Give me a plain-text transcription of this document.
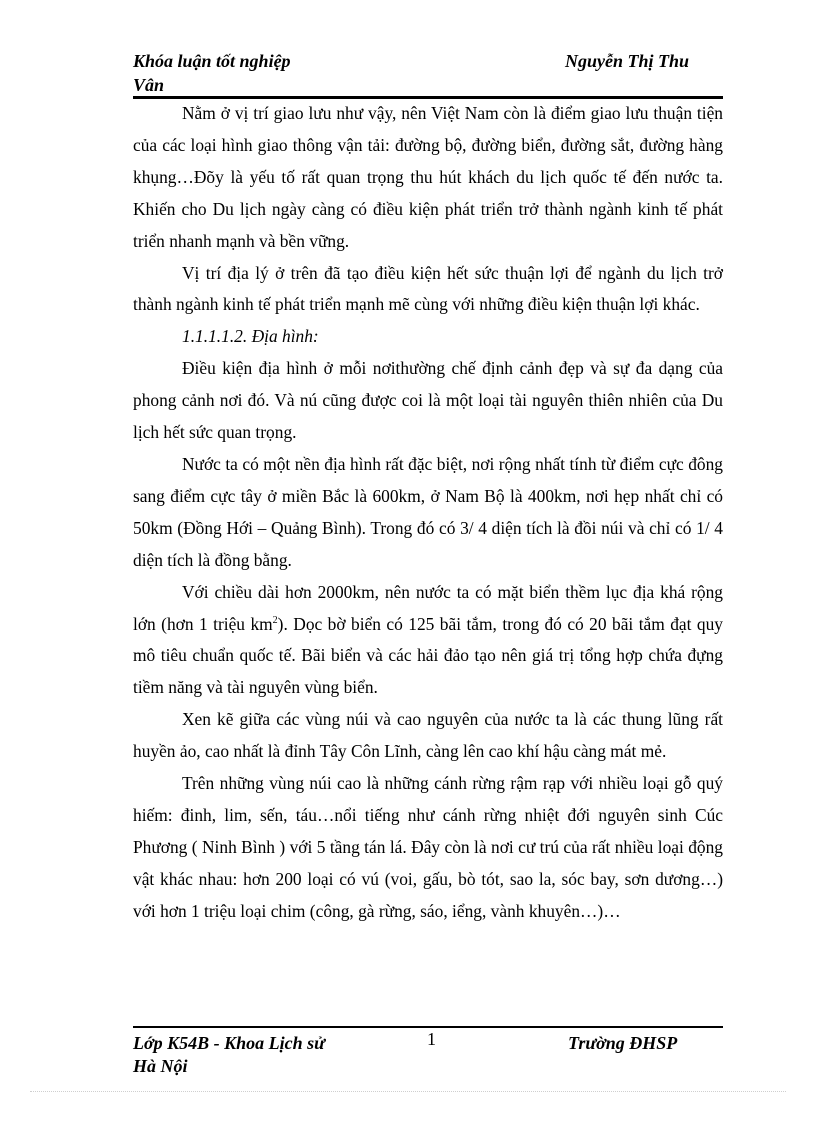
Khóa luận tốt nghiệp
Vân
Nguyễn Thị Thu

Nằm ở vị trí giao lưu như vậy, nên Việt Nam còn là điểm giao lưu thuận tiện của các loại hình giao thông vận tải: đường bộ, đường biển, đường sắt, đường hàng khụng…Đõy là yếu tố rất quan trọng thu hút khách du lịch quốc tế đến nước ta. Khiến cho Du lịch ngày càng có điều kiện phát triển trở thành ngành kinh tế phát triển nhanh mạnh và bền vững.

Vị trí địa lý ở trên đã tạo điều kiện hết sức thuận lợi để ngành du lịch trở thành ngành kinh tế phát triển mạnh mẽ cùng với những điều kiện thuận lợi khác.

1.1.1.1.2. Địa hình:

Điều kiện địa hình ở mỗi nơithường chế định cảnh đẹp và sự đa dạng của phong cảnh nơi đó. Và nú cũng được coi là một loại tài nguyên thiên nhiên của Du lịch hết sức quan trọng.

Nước ta có một nền địa hình rất đặc biệt, nơi rộng nhất tính từ điểm cực đông sang điểm cực tây ở miền Bắc là 600km, ở Nam Bộ là 400km, nơi hẹp nhất chỉ có 50km (Đồng Hới – Quảng Bình). Trong đó có 3/ 4 diện tích là đồi núi và chỉ có 1/ 4 diện tích là đồng bằng.

Với chiều dài hơn 2000km, nên nước ta có mặt biển thềm lục địa khá rộng lớn (hơn 1 triệu $km^2$). Dọc bờ biển có 125 bãi tắm, trong đó có 20 bãi tắm đạt quy mô tiêu chuẩn quốc tế. Bãi biển và các hải đảo tạo nên giá trị tổng hợp chứa đựng tiềm năng và tài nguyên vùng biển.

Xen kẽ giữa các vùng núi và cao nguyên của nước ta là các thung lũng rất huyền ảo, cao nhất là đỉnh Tây Côn Lĩnh, càng lên cao khí hậu càng mát mẻ.

Trên những vùng núi cao là những cánh rừng rậm rạp với nhiều loại gỗ quý hiếm: đinh, lim, sến, táu…nổi tiếng như cánh rừng nhiệt đới nguyên sinh Cúc Phương ( Ninh Bình ) với 5 tầng tán lá. Đây còn là nơi cư trú của rất nhiều loại động vật khác nhau: hơn 200 loại có vú (voi, gấu, bò tót, sao la, sóc bay, sơn dương…) với hơn 1 triệu loại chim (công, gà rừng, sáo, iểng, vành khuyên…)…

Lớp K54B - Khoa Lịch sử
Hà Nội
1	Trường ĐHSP
